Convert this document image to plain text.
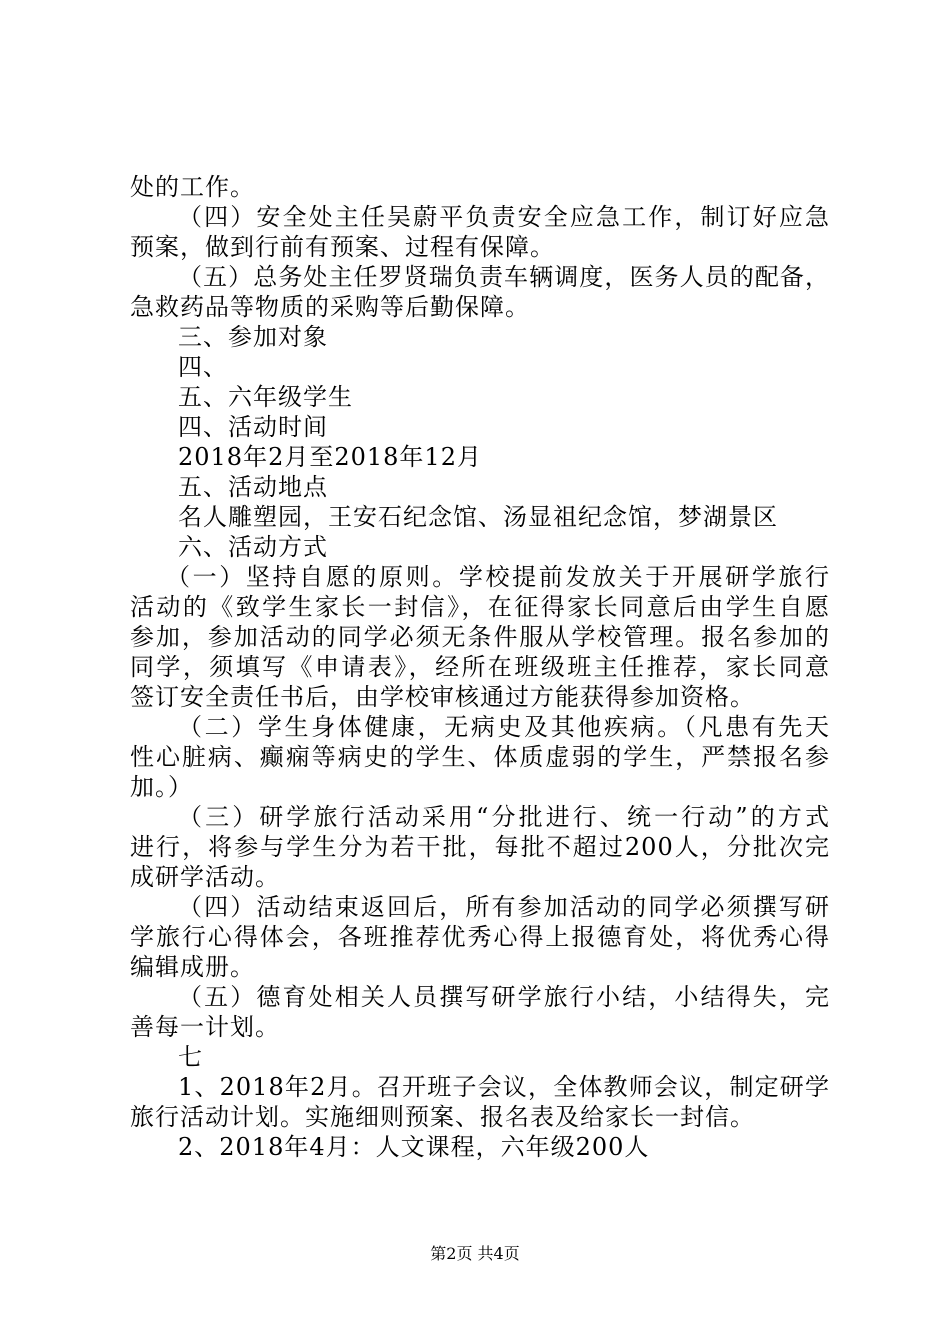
处的工作。
（四）安全处主任吴蔚平负责安全应急工作，制订好应急
预案，做到行前有预案、过程有保障。
（五）总务处主任罗贤瑞负责车辆调度，医务人员的配备，
急救药品等物质的采购等后勤保障。
三、参加对象
四、
五、六年级学生
四、活动时间
2018年2月至2018年12月
五、活动地点
名人雕塑园，王安石纪念馆、汤显祖纪念馆，梦湖景区
六、活动方式
（一）坚持自愿的原则。学校提前发放关于开展研学旅行
活动的《致学生家长一封信》，在征得家长同意后由学生自愿
参加，参加活动的同学必须无条件服从学校管理。报名参加的
同学，须填写《申请表》，经所在班级班主任推荐，家长同意
签订安全责任书后，由学校审核通过方能获得参加资格。
（二）学生身体健康，无病史及其他疾病。（凡患有先天
性心脏病、癫痫等病史的学生、体质虚弱的学生，严禁报名参
加。）
（三）研学旅行活动采用“分批进行、统一行动”的方式
进行，将参与学生分为若干批，每批不超过200人，分批次完
成研学活动。
（四）活动结束返回后，所有参加活动的同学必须撰写研
学旅行心得体会，各班推荐优秀心得上报德育处，将优秀心得
编辑成册。
（五）德育处相关人员撰写研学旅行小结，小结得失，完
善每一计划。
七
1、2018年2月。召开班子会议，全体教师会议，制定研学
旅行活动计划。实施细则预案、报名表及给家长一封信。
2、2018年4月：人文课程，六年级200人
第2页 共4页
